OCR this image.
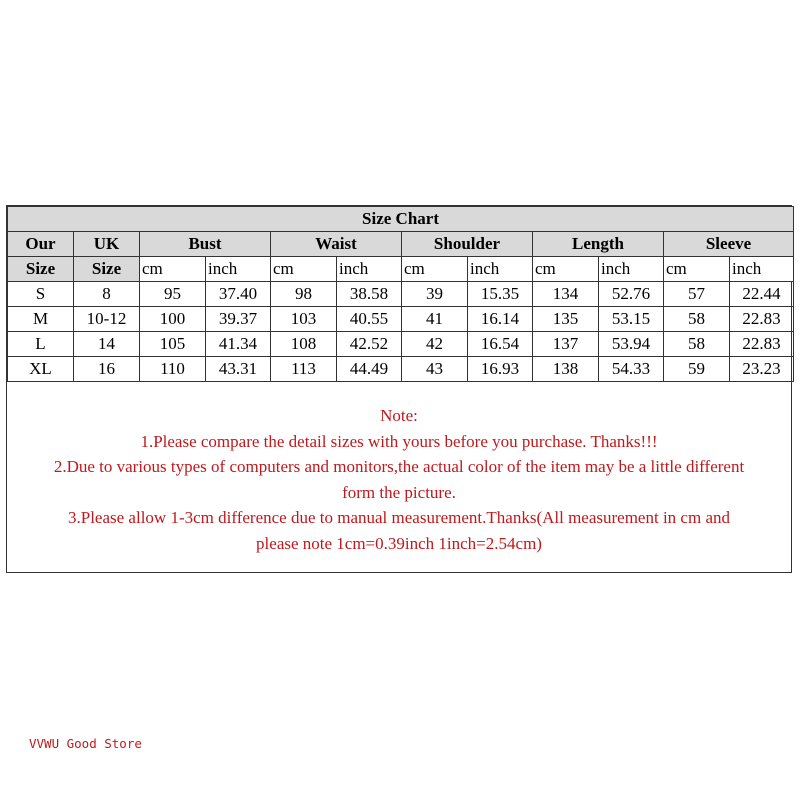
Size Chart											
Our	UK	Bust		Waist		Shoulder		Length		Sleeve	
Size	Size	cm	inch	cm	inch	cm	inch	cm	inch	cm	inch
S	8	95	37.40	98	38.58	39	15.35	134	52.76	57	22.44
M	10-12	100	39.37	103	40.55	41	16.14	135	53.15	58	22.83
L	14	105	41.34	108	42.52	42	16.54	137	53.94	58	22.83
XL	16	110	43.31	113	44.49	43	16.93	138	54.33	59	23.23
Note:
1.Please compare the detail sizes with yours before you purchase. Thanks!!!
2.Due to various types of computers and monitors,the actual color of the item may be a little different
form the picture.
3.Please allow 1-3cm difference due to manual measurement.Thanks(All measurement in cm and
please note 1cm=0.39inch 1inch=2.54cm)
VVWU Good Store
